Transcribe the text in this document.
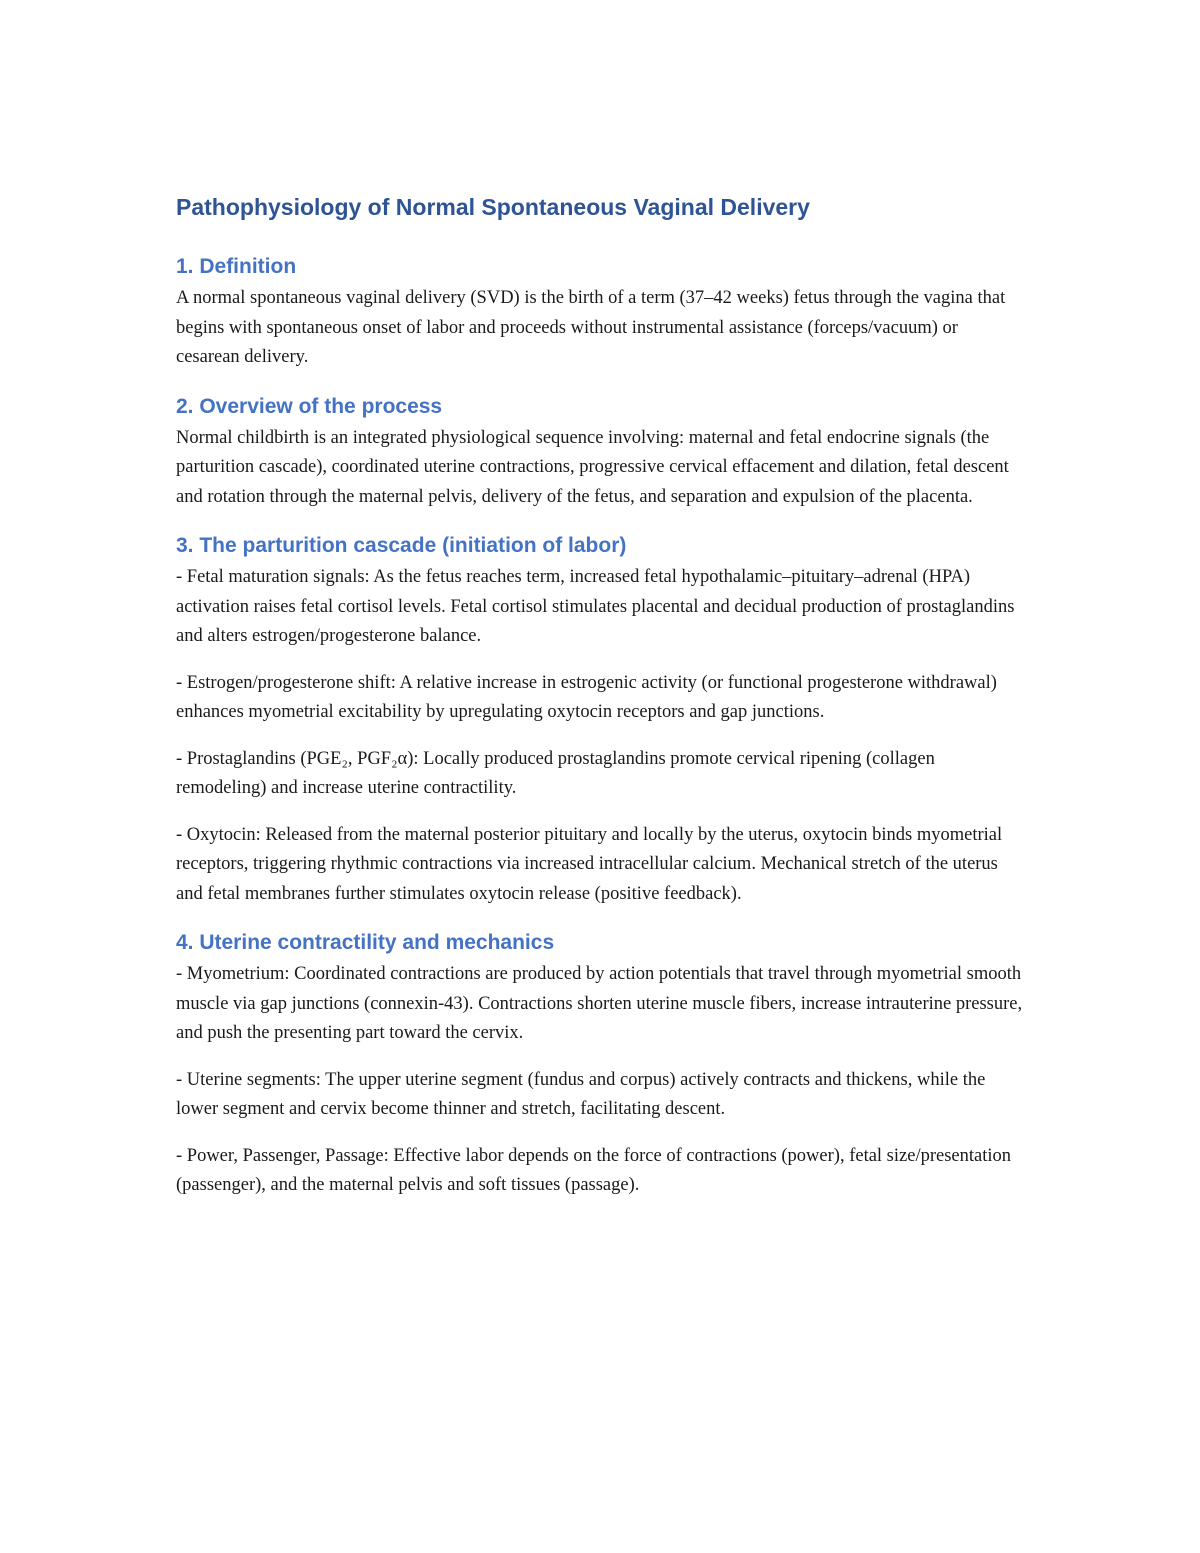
Pathophysiology of Normal Spontaneous Vaginal Delivery
1. Definition

A normal spontaneous vaginal delivery (SVD) is the birth of a term (37–42 weeks) fetus through the vagina that begins with spontaneous onset of labor and proceeds without instrumental assistance (forceps/vacuum) or cesarean delivery.

2. Overview of the process

Normal childbirth is an integrated physiological sequence involving: maternal and fetal endocrine signals (the parturition cascade), coordinated uterine contractions, progressive cervical effacement and dilation, fetal descent and rotation through the maternal pelvis, delivery of the fetus, and separation and expulsion of the placenta.

3. The parturition cascade (initiation of labor)

- Fetal maturation signals: As the fetus reaches term, increased fetal hypothalamic–pituitary–adrenal (HPA) activation raises fetal cortisol levels. Fetal cortisol stimulates placental and decidual production of prostaglandins and alters estrogen/progesterone balance.

- Estrogen/progesterone shift: A relative increase in estrogenic activity (or functional progesterone withdrawal) enhances myometrial excitability by upregulating oxytocin receptors and gap junctions.

- Prostaglandins (PGE₂, PGF₂α): Locally produced prostaglandins promote cervical ripening (collagen remodeling) and increase uterine contractility.

- Oxytocin: Released from the maternal posterior pituitary and locally by the uterus, oxytocin binds myometrial receptors, triggering rhythmic contractions via increased intracellular calcium. Mechanical stretch of the uterus and fetal membranes further stimulates oxytocin release (positive feedback).

4. Uterine contractility and mechanics

- Myometrium: Coordinated contractions are produced by action potentials that travel through myometrial smooth muscle via gap junctions (connexin-43). Contractions shorten uterine muscle fibers, increase intrauterine pressure, and push the presenting part toward the cervix.

- Uterine segments: The upper uterine segment (fundus and corpus) actively contracts and thickens, while the lower segment and cervix become thinner and stretch, facilitating descent.

- Power, Passenger, Passage: Effective labor depends on the force of contractions (power), fetal size/presentation (passenger), and the maternal pelvis and soft tissues (passage).
